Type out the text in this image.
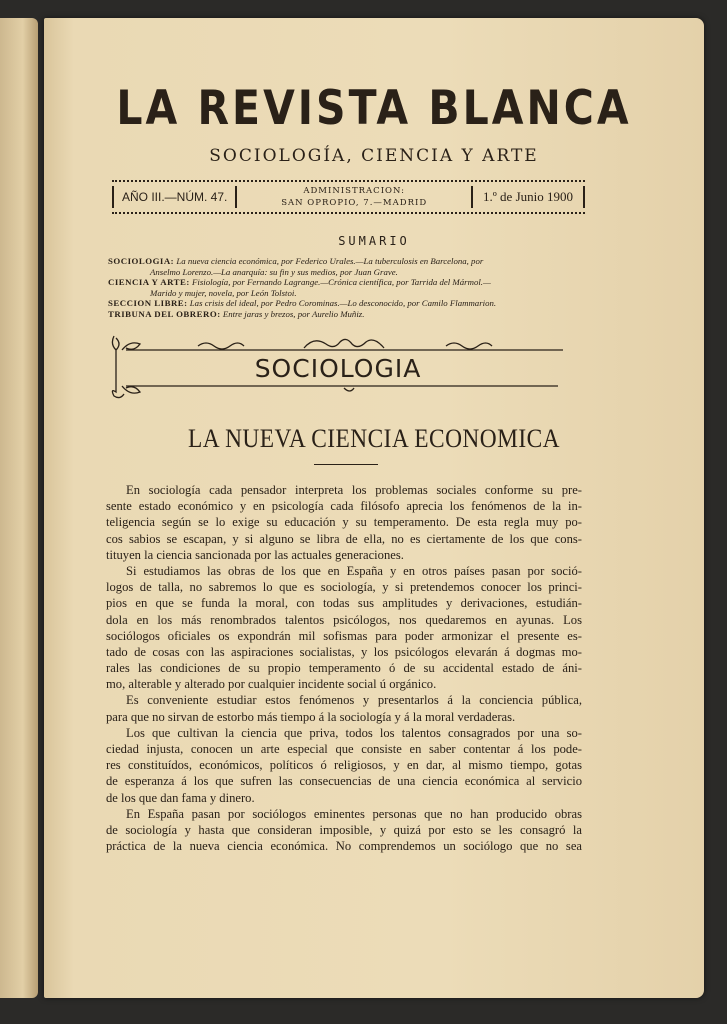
LA REVISTA BLANCA
SOCIOLOGÍA, CIENCIA Y ARTE
AÑO III.—NÚM. 47.	ADMINISTRACION:
SAN OPROPIO, 7.—MADRID	1.º de Junio 1900
SUMARIO
SOCIOLOGIA: La nueva ciencia económica, por Federico Urales.—La tuberculosis en Barcelona, por
Anselmo Lorenzo.—La anarquía: su fin y sus medios, por Juan Grave.
CIENCIA Y ARTE: Fisiología, por Fernando Lagrange.—Crónica científica, por Tarrida del Mármol.—
Marido y mujer, novela, por León Tolstoi.
SECCION LIBRE: Las crisis del ideal, por Pedro Corominas.—Lo desconocido, por Camilo Flammarion.
TRIBUNA DEL OBRERO: Entre jaras y brezos, por Aurelio Muñiz.
SOCIOLOGIA
LA NUEVA CIENCIA ECONOMICA
En sociología cada pensador interpreta los problemas sociales conforme su pre-
sente estado económico y en psicología cada filósofo aprecia los fenómenos de la in-
teligencia según se lo exige su educación y su temperamento. De esta regla muy po-
cos sabios se escapan, y si alguno se libra de ella, no es ciertamente de los que cons-
tituyen la ciencia sancionada por las actuales generaciones.
Si estudiamos las obras de los que en España y en otros países pasan por soció-
logos de talla, no sabremos lo que es sociología, y si pretendemos conocer los princi-
pios en que se funda la moral, con todas sus amplitudes y derivaciones, estudián-
dola en los más renombrados talentos psicólogos, nos quedaremos en ayunas. Los
sociólogos oficiales os expondrán mil sofismas para poder armonizar el presente es-
tado de cosas con las aspiraciones socialistas, y los psicólogos elevarán á dogmas mo-
rales las condiciones de su propio temperamento ó de su accidental estado de áni-
mo, alterable y alterado por cualquier incidente social ú orgánico.
Es conveniente estudiar estos fenómenos y presentarlos á la conciencia pública,
para que no sirvan de estorbo más tiempo á la sociología y á la moral verdaderas.
Los que cultivan la ciencia que priva, todos los talentos consagrados por una so-
ciedad injusta, conocen un arte especial que consiste en saber contentar á los pode-
res constituídos, económicos, políticos ó religiosos, y en dar, al mismo tiempo, gotas
de esperanza á los que sufren las consecuencias de una ciencia económica al servicio
de los que dan fama y dinero.
En España pasan por sociólogos eminentes personas que no han producido obras
de sociología y hasta que consideran imposible, y quizá por esto se les consagró la
práctica de la nueva ciencia económica. No comprendemos un sociólogo que no sea
